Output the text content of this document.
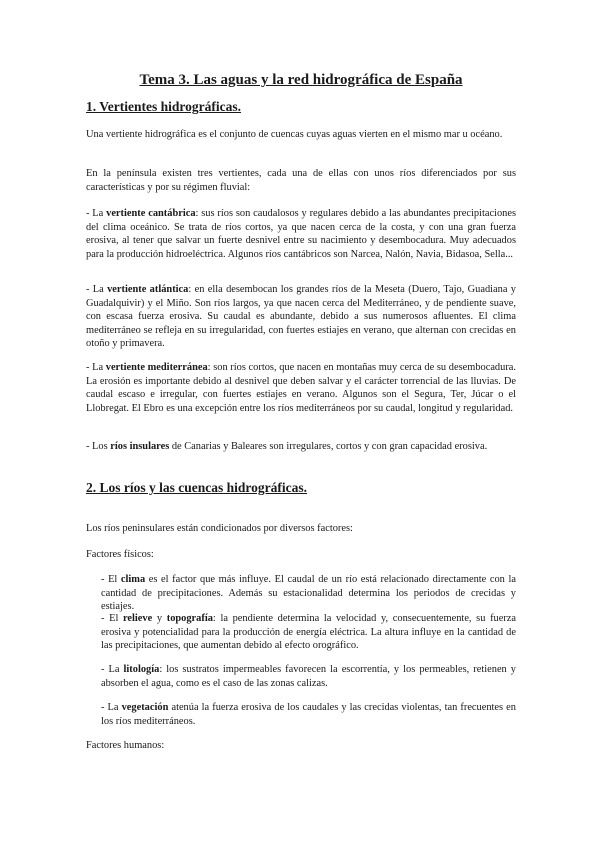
Tema 3. Las aguas y la red hidrográfica de España
1. Vertientes hidrográficas.

Una vertiente hidrográfica es el conjunto de cuencas cuyas aguas vierten en el mismo mar u océano.

En la península existen tres vertientes, cada una de ellas con unos ríos diferenciados por sus características y por su régimen fluvial:

- La vertiente cantábrica: sus ríos son caudalosos y regulares debido a las abundantes precipitaciones del clima oceánico. Se trata de ríos cortos, ya que nacen cerca de la costa, y con una gran fuerza erosiva, al tener que salvar un fuerte desnivel entre su nacimiento y desembocadura. Muy adecuados para la producción hidroeléctrica. Algunos ríos cantábricos son Narcea, Nalón, Navia, Bidasoa, Sella...

- La vertiente atlántica: en ella desembocan los grandes ríos de la Meseta (Duero, Tajo, Guadiana y Guadalquivir) y el Miño. Son ríos largos, ya que nacen cerca del Mediterráneo, y de pendiente suave, con escasa fuerza erosiva. Su caudal es abundante, debido a sus numerosos afluentes. El clima mediterráneo se refleja en su irregularidad, con fuertes estiajes en verano, que alternan con crecidas en otoño y primavera.

- La vertiente mediterránea: son ríos cortos, que nacen en montañas muy cerca de su desembocadura. La erosión es importante debido al desnivel que deben salvar y el carácter torrencial de las lluvias. De caudal escaso e irregular, con fuertes estiajes en verano. Algunos son el Segura, Ter, Júcar o el Llobregat. El Ebro es una excepción entre los ríos mediterráneos por su caudal, longitud y regularidad.

- Los ríos insulares de Canarias y Baleares son irregulares, cortos y con gran capacidad erosiva.

2. Los ríos y las cuencas hidrográficas.

Los ríos peninsulares están condicionados por diversos factores:

Factores físicos:

- El clima es el factor que más influye. El caudal de un río está relacionado directamente con la cantidad de precipitaciones. Además su estacionalidad determina los periodos de crecidas y estiajes.

- El relieve y topografía: la pendiente determina la velocidad y, consecuentemente, su fuerza erosiva y potencialidad para la producción de energía eléctrica. La altura influye en la cantidad de las precipitaciones, que aumentan debido al efecto orográfico.

- La litología: los sustratos impermeables favorecen la escorrentía, y los permeables, retienen y absorben el agua, como es el caso de las zonas calizas.

- La vegetación atenúa la fuerza erosiva de los caudales y las crecidas violentas, tan frecuentes en los ríos mediterráneos.

Factores humanos:
